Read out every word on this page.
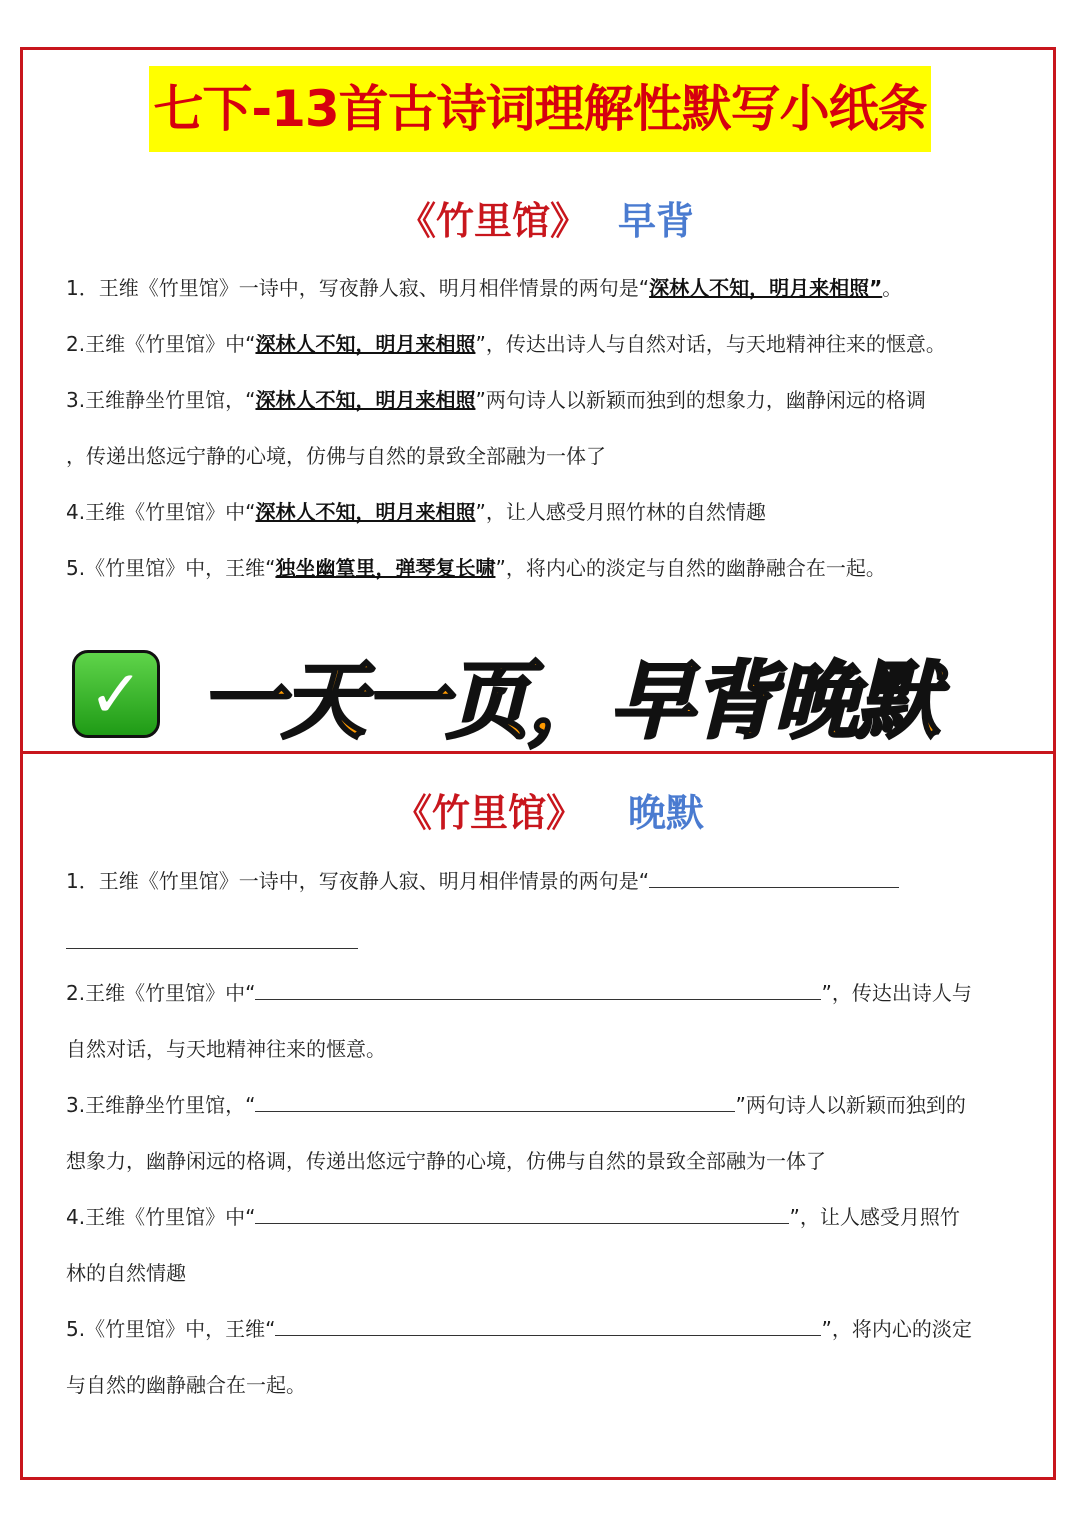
七下-13首古诗词理解性默写小纸条
《竹里馆》 早背
1．王维《竹里馆》一诗中，写夜静人寂、明月相伴情景的两句是“深林人不知，明月来相照”。
2.王维《竹里馆》中“深林人不知，明月来相照”，传达出诗人与自然对话，与天地精神往来的惬意。
3.王维静坐竹里馆，“深林人不知，明月来相照”两句诗人以新颖而独到的想象力，幽静闲远的格调
，传递出悠远宁静的心境，仿佛与自然的景致全部融为一体了
4.王维《竹里馆》中“深林人不知，明月来相照”，让人感受月照竹林的自然情趣
5.《竹里馆》中，王维“独坐幽篁里，弹琴复长啸”，将内心的淡定与自然的幽静融合在一起。
✓ 一天一页，早背晚默
《竹里馆》 晚默
1．王维《竹里馆》一诗中，写夜静人寂、明月相伴情景的两句是“
2.王维《竹里馆》中“	”，传达出诗人与
自然对话，与天地精神往来的惬意。
3.王维静坐竹里馆，“	”两句诗人以新颖而独到的
想象力，幽静闲远的格调，传递出悠远宁静的心境，仿佛与自然的景致全部融为一体了
4.王维《竹里馆》中“	”，让人感受月照竹
林的自然情趣
5.《竹里馆》中，王维“	”，将内心的淡定
与自然的幽静融合在一起。
